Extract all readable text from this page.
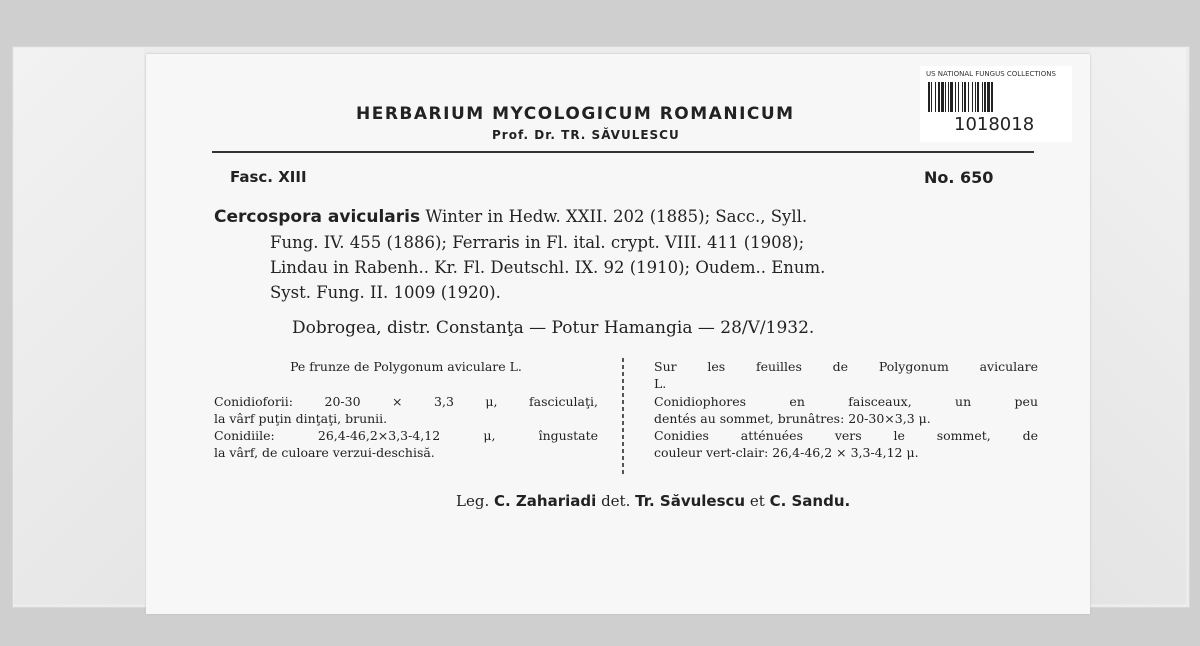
US NATIONAL FUNGUS COLLECTIONS
1018018
HERBARIUM MYCOLOGICUM ROMANICUM
Prof. Dr. TR. SĂVULESCU
Fasc. XIII	No. 650
Cercospora avicularis Winter in Hedw. XXII. 202 (1885); Sacc., Syll.
Fung. IV. 455 (1886); Ferraris in Fl. ital. crypt. VIII. 411 (1908);
Lindau in Rabenh.. Kr. Fl. Deutschl. IX. 92 (1910); Oudem.. Enum.
Syst. Fung. II. 1009 (1920).
Dobrogea, distr. Constanţa — Potur Hamangia — 28/V/1932.

Pe frunze de Polygonum aviculare L.

Conidioforii: 20-30 × 3,3 μ, fasciculaţi,

la vârf puţin dinţaţi, brunii.

Conidiile: 26,4-46,2×3,3-4,12 μ, îngustate

la vârf, de culoare verzui-deschisă.

Sur les feuilles de Polygonum aviculare

L.

Conidiophores en faisceaux, un peu

dentés au sommet, brunâtres: 20-30×3,3 μ.

Conidies atténuées vers le sommet, de

couleur vert-clair: 26,4-46,2 × 3,3-4,12 μ.

Leg. C. Zahariadi det. Tr. Săvulescu et C. Sandu.
